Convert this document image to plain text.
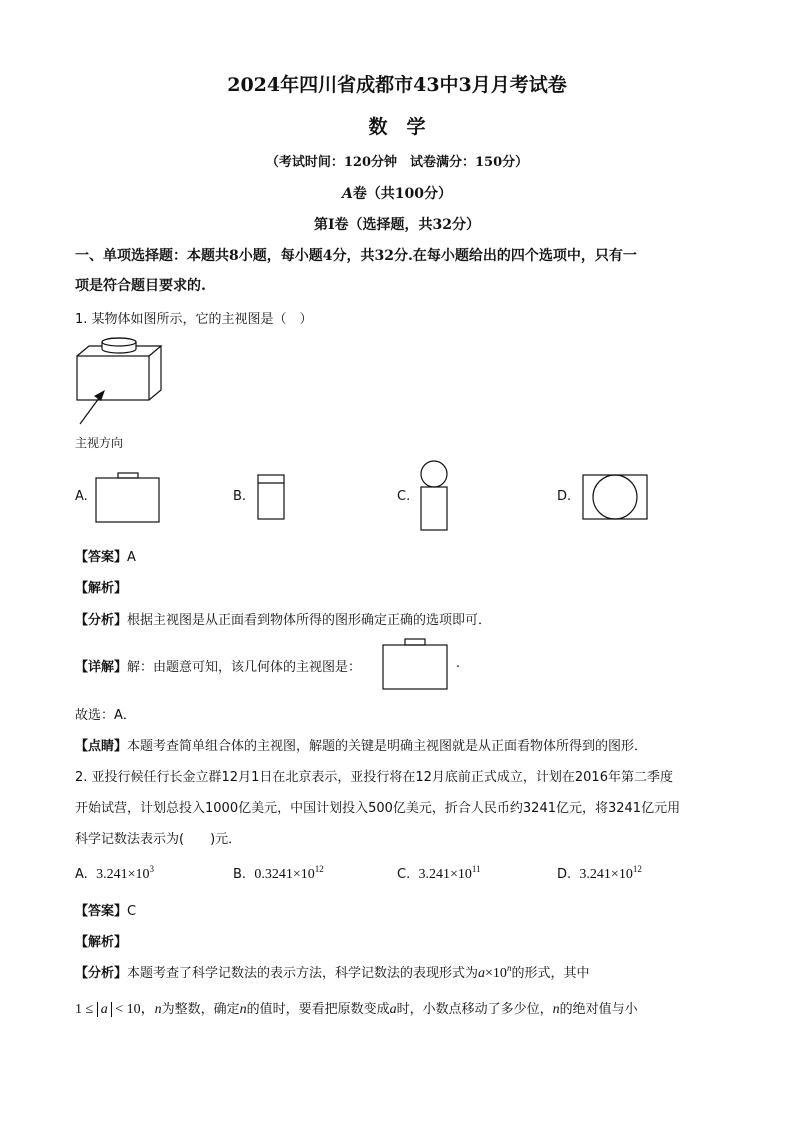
2024年四川省成都市43中3月月考试卷
数　学
（考试时间：120分钟　试卷满分：150分）
A卷（共100分）
第Ⅰ卷（选择题，共32分）
一、单项选择题：本题共8小题，每小题4分，共32分.在每小题给出的四个选项中，只有一
项是符合题目要求的.
1. 某物体如图所示，它的主视图是（　）
主视方向
A.	B.	C.	D.
【答案】A
【解析】
【分析】根据主视图是从正面看到物体所得的图形确定正确的选项即可．
【详解】解：由题意可知，该几何体的主视图是：	.
故选：A．
【点睛】本题考查简单组合体的主视图，解题的关键是明确主视图就是从正面看物体所得到的图形．
2. 亚投行候任行长金立群12月1日在北京表示，亚投行将在12月底前正式成立，计划在2016年第二季度
开始试营，计划总投入1000亿美元，中国计划投入500亿美元，折合人民币约3241亿元，将3241亿元用
科学记数法表示为(　　)元．
A. $3.241\times 10^3$	B. $0.3241\times 10^{12}$	C. $3.241\times 10^{11}$	D. $3.241\times 10^{12}$
【答案】C
【解析】
【分析】本题考查了科学记数法的表示方法，科学记数法的表现形式为$a\times 10^n$的形式，其中
1 ≤ a < 10，n为整数，确定n的值时，要看把原数变成a时，小数点移动了多少位，n的绝对值与小
